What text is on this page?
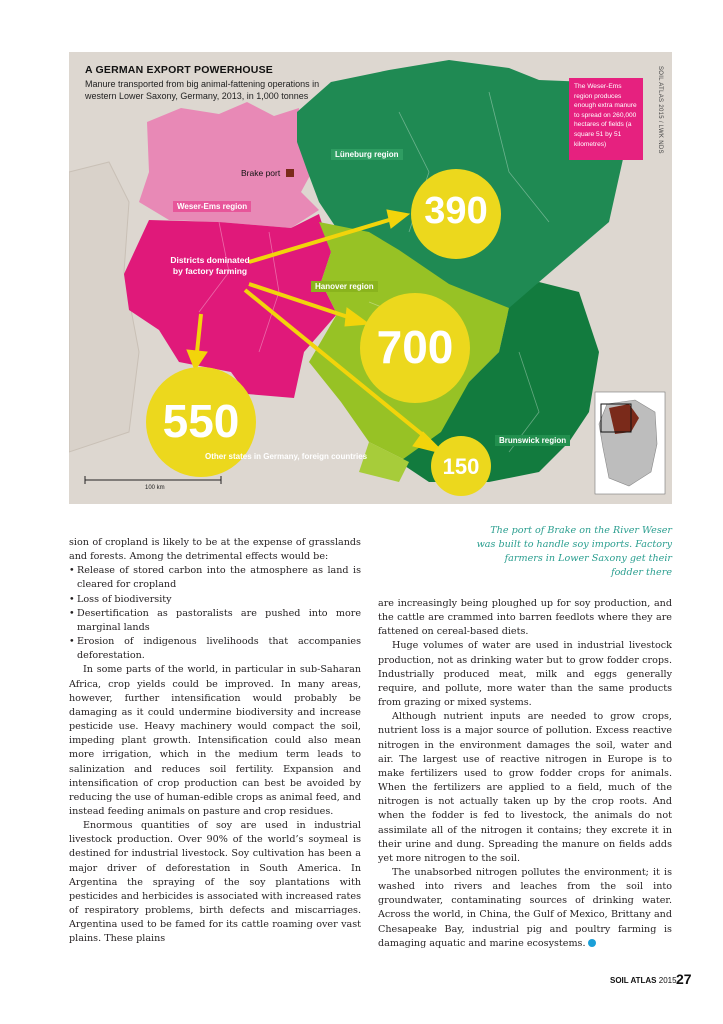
A GERMAN EXPORT POWERHOUSE
Manure transported from big animal-fattening operations in western Lower Saxony, Germany, 2013, in 1,000 tonnes	SOIL ATLAS 2015 / LWK NDS
The Weser-Ems region produces enough extra manure to spread on 260,000 hectares of fields (a square 51 by 51 kilometres)
Weser-Ems region
Lüneburg region
Hanover region
Brunswick region
Brake port
Districts dominated by factory farming
Other states in Germany, foreign countries
100 km
390
700
550
150
The port of Brake on the River Weser was built to handle soy imports. Factory farmers in Lower Saxony get their fodder there

sion of cropland is likely to be at the expense of grasslands and forests. Among the detrimental effects would be:

• Release of stored carbon into the atmosphere as land is cleared for cropland
• Loss of biodiversity
• Desertification as pastoralists are pushed into more marginal lands
• Erosion of indigenous livelihoods that accompanies deforestation.

In some parts of the world, in particular in sub-Saharan Africa, crop yields could be improved. In many areas, however, further intensification would probably be damaging as it could undermine biodiversity and increase pesticide use. Heavy machinery would compact the soil, impeding plant growth. Intensification could also mean more irrigation, which in the medium term leads to salinization and reduces soil fertility. Expansion and intensification of crop production can best be avoided by reducing the use of human-edible crops as animal feed, and instead feeding animals on pasture and crop residues.

Enormous quantities of soy are used in industrial livestock production. Over 90% of the world’s soymeal is destined for industrial livestock. Soy cultivation has been a major driver of deforestation in South America. In Argentina the spraying of the soy plantations with pesticides and herbicides is associated with increased rates of respiratory problems, birth defects and miscarriages. Argentina used to be famed for its cattle roaming over vast plains. These plains

are increasingly being ploughed up for soy production, and the cattle are crammed into barren feedlots where they are fattened on cereal-based diets.

Huge volumes of water are used in industrial livestock production, not as drinking water but to grow fodder crops. Industrially produced meat, milk and eggs generally require, and pollute, more water than the same products from grazing or mixed systems.

Although nutrient inputs are needed to grow crops, nutrient loss is a major source of pollution. Excess reactive nitrogen in the environment damages the soil, water and air. The largest use of reactive nitrogen in Europe is to make fertilizers used to grow fodder crops for animals. When the fertilizers are applied to a field, much of the nitrogen is not actually taken up by the crop roots. And when the fodder is fed to livestock, the animals do not assimilate all of the nitrogen it contains; they excrete it in their urine and dung. Spreading the manure on fields adds yet more nitrogen to the soil.

The unabsorbed nitrogen pollutes the environment; it is washed into rivers and leaches from the soil into groundwater, contaminating sources of drinking water. Across the world, in China, the Gulf of Mexico, Brittany and Chesapeake Bay, industrial pig and poultry farming is damaging aquatic and marine ecosystems.

SOIL ATLAS 2015 27
